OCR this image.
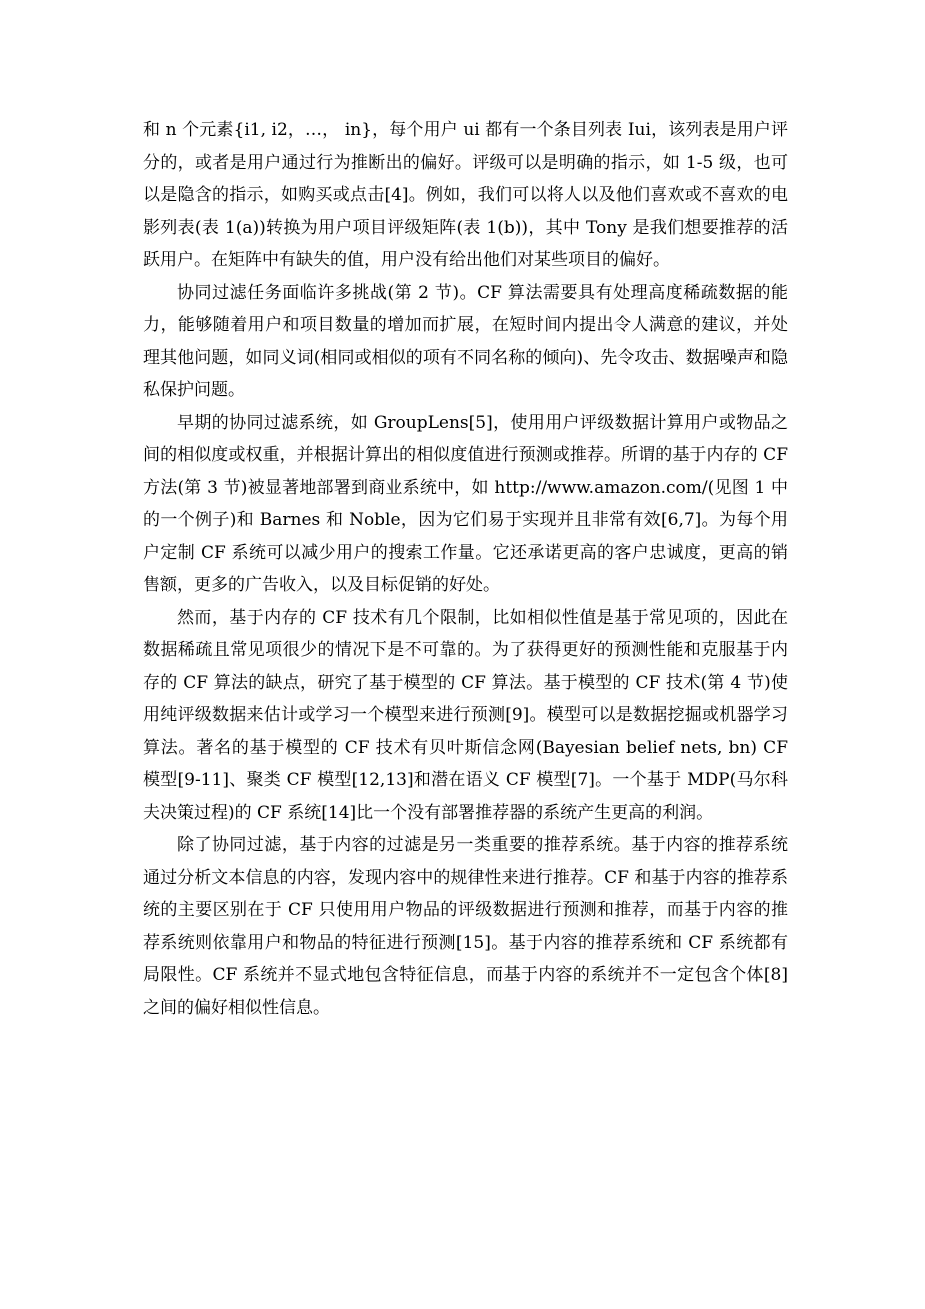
和 n 个元素{i1, i2，…， in}，每个用户 ui 都有一个条目列表 Iui，该列表是用户评分的，或者是用户通过行为推断出的偏好。评级可以是明确的指示，如 1-5 级，也可以是隐含的指示，如购买或点击[4]。例如，我们可以将人以及他们喜欢或不喜欢的电影列表(表 1(a))转换为用户项目评级矩阵(表 1(b))，其中 Tony 是我们想要推荐的活跃用户。在矩阵中有缺失的值，用户没有给出他们对某些项目的偏好。

协同过滤任务面临许多挑战(第 2 节)。CF 算法需要具有处理高度稀疏数据的能力，能够随着用户和项目数量的增加而扩展，在短时间内提出令人满意的建议，并处理其他问题，如同义词(相同或相似的项有不同名称的倾向)、先令攻击、数据噪声和隐私保护问题。

早期的协同过滤系统，如 GroupLens[5]，使用用户评级数据计算用户或物品之间的相似度或权重，并根据计算出的相似度值进行预测或推荐。所谓的基于内存的 CF 方法(第 3 节)被显著地部署到商业系统中，如 http://www.amazon.com/(见图 1 中的一个例子)和 Barnes 和 Noble，因为它们易于实现并且非常有效[6,7]。为每个用户定制 CF 系统可以减少用户的搜索工作量。它还承诺更高的客户忠诚度，更高的销售额，更多的广告收入，以及目标促销的好处。

然而，基于内存的 CF 技术有几个限制，比如相似性值是基于常见项的，因此在数据稀疏且常见项很少的情况下是不可靠的。为了获得更好的预测性能和克服基于内存的 CF 算法的缺点，研究了基于模型的 CF 算法。基于模型的 CF 技术(第 4 节)使用纯评级数据来估计或学习一个模型来进行预测[9]。模型可以是数据挖掘或机器学习算法。著名的基于模型的 CF 技术有贝叶斯信念网(Bayesian belief nets, bn) CF 模型[9-11]、聚类 CF 模型[12,13]和潜在语义 CF 模型[7]。一个基于 MDP(马尔科夫决策过程)的 CF 系统[14]比一个没有部署推荐器的系统产生更高的利润。

除了协同过滤，基于内容的过滤是另一类重要的推荐系统。基于内容的推荐系统通过分析文本信息的内容，发现内容中的规律性来进行推荐。CF 和基于内容的推荐系统的主要区别在于 CF 只使用用户物品的评级数据进行预测和推荐，而基于内容的推荐系统则依靠用户和物品的特征进行预测[15]。基于内容的推荐系统和 CF 系统都有局限性。CF 系统并不显式地包含特征信息，而基于内容的系统并不一定包含个体[8]之间的偏好相似性信息。
